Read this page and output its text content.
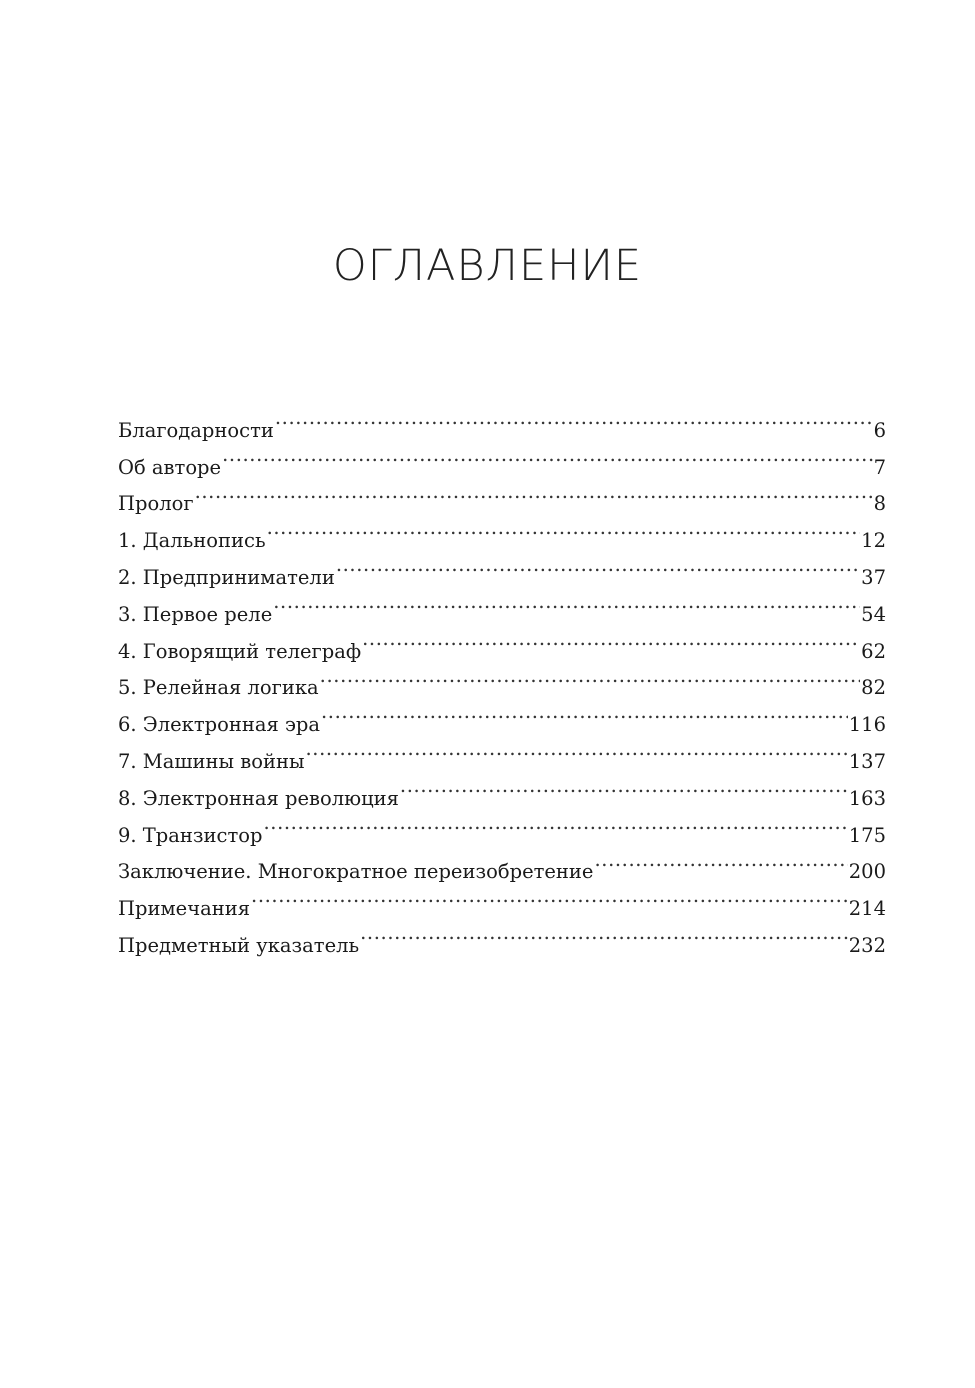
ОГЛАВЛЕНИЕ
Благодарности .....	6
Об авторе .....	7
Пролог .....	8
1. Дальнопись .....	12
2. Предприниматели .....	37
3. Первое реле .....	54
4. Говорящий телеграф .....	62
5. Релейная логика .....	82
6. Электронная эра .....	116
7. Машины войны .....	137
8. Электронная революция .....	163
9. Транзистор .....	175
Заключение. Многократное переизобретение .....	200
Примечания .....	214
Предметный указатель .....	232
